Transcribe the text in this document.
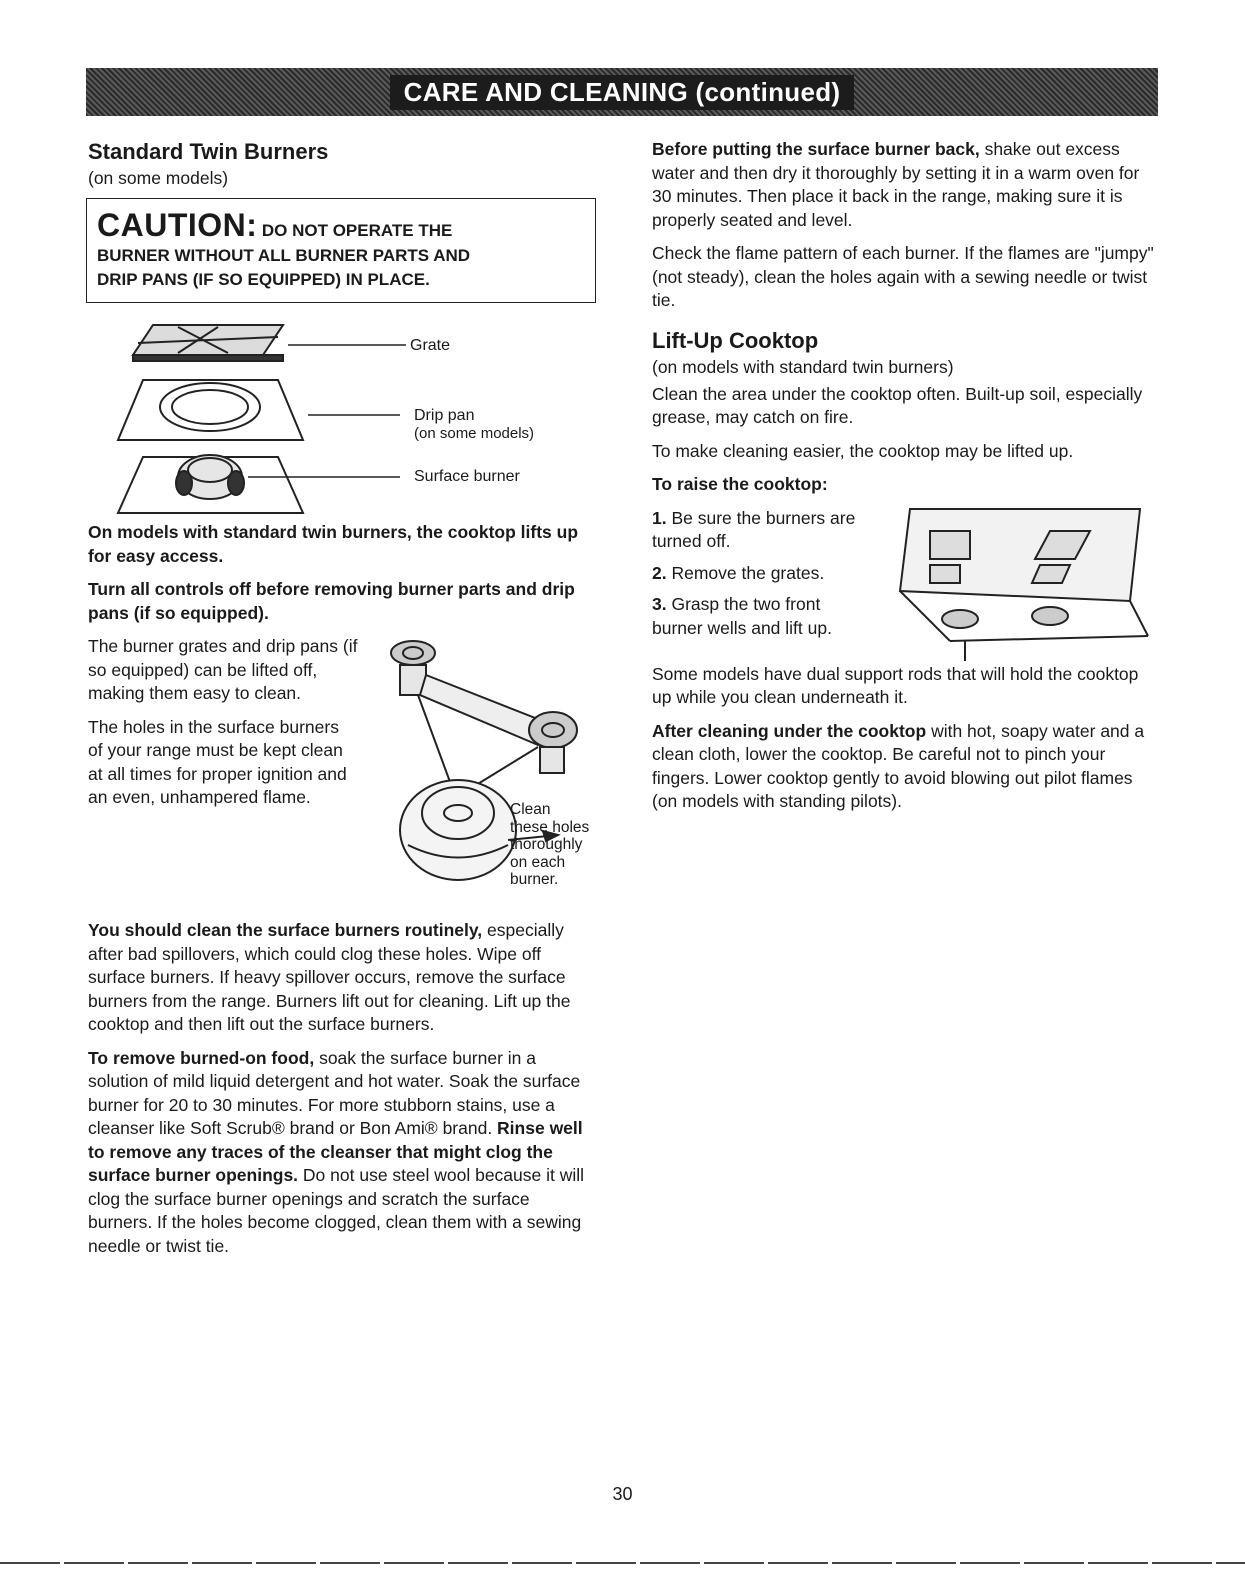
CARE AND CLEANING (continued)
Standard Twin Burners
(on some models)
CAUTION: DO NOT OPERATE THE
BURNER WITHOUT ALL BURNER PARTS AND
DRIP PANS (IF SO EQUIPPED) IN PLACE.
Grate
Drip pan
(on some models)
Surface burner

On models with standard twin burners, the cooktop lifts up for easy access.

Turn all controls off before removing burner parts and drip pans (if so equipped).

The burner grates and drip pans (if so equipped) can be lifted off, making them easy to clean.

The holes in the surface burners of your range must be kept clean at all times for proper ignition and an even, unhampered flame.

Clean
these holes
thoroughly
on each
burner.

You should clean the surface burners routinely, especially after bad spillovers, which could clog these holes. Wipe off surface burners. If heavy spillover occurs, remove the surface burners from the range. Burners lift out for cleaning. Lift up the cooktop and then lift out the surface burners.

To remove burned-on food, soak the surface burner in a solution of mild liquid detergent and hot water. Soak the surface burner for 20 to 30 minutes. For more stubborn stains, use a cleanser like Soft Scrub® brand or Bon Ami® brand. Rinse well to remove any traces of the cleanser that might clog the surface burner openings. Do not use steel wool because it will clog the surface burner openings and scratch the surface burners. If the holes become clogged, clean them with a sewing needle or twist tie.

Before putting the surface burner back, shake out excess water and then dry it thoroughly by setting it in a warm oven for 30 minutes. Then place it back in the range, making sure it is properly seated and level.

Check the flame pattern of each burner. If the flames are "jumpy" (not steady), clean the holes again with a sewing needle or twist tie.

Lift-Up Cooktop
(on models with standard twin burners)

Clean the area under the cooktop often. Built-up soil, especially grease, may catch on fire.

To make cleaning easier, the cooktop may be lifted up.

To raise the cooktop:

1. Be sure the burners are turned off.
2. Remove the grates.
3. Grasp the two front burner wells and lift up.

Some models have dual support rods that will hold the cooktop up while you clean underneath it.

After cleaning under the cooktop with hot, soapy water and a clean cloth, lower the cooktop. Be careful not to pinch your fingers. Lower cooktop gently to avoid blowing out pilot flames (on models with standing pilots).

30
